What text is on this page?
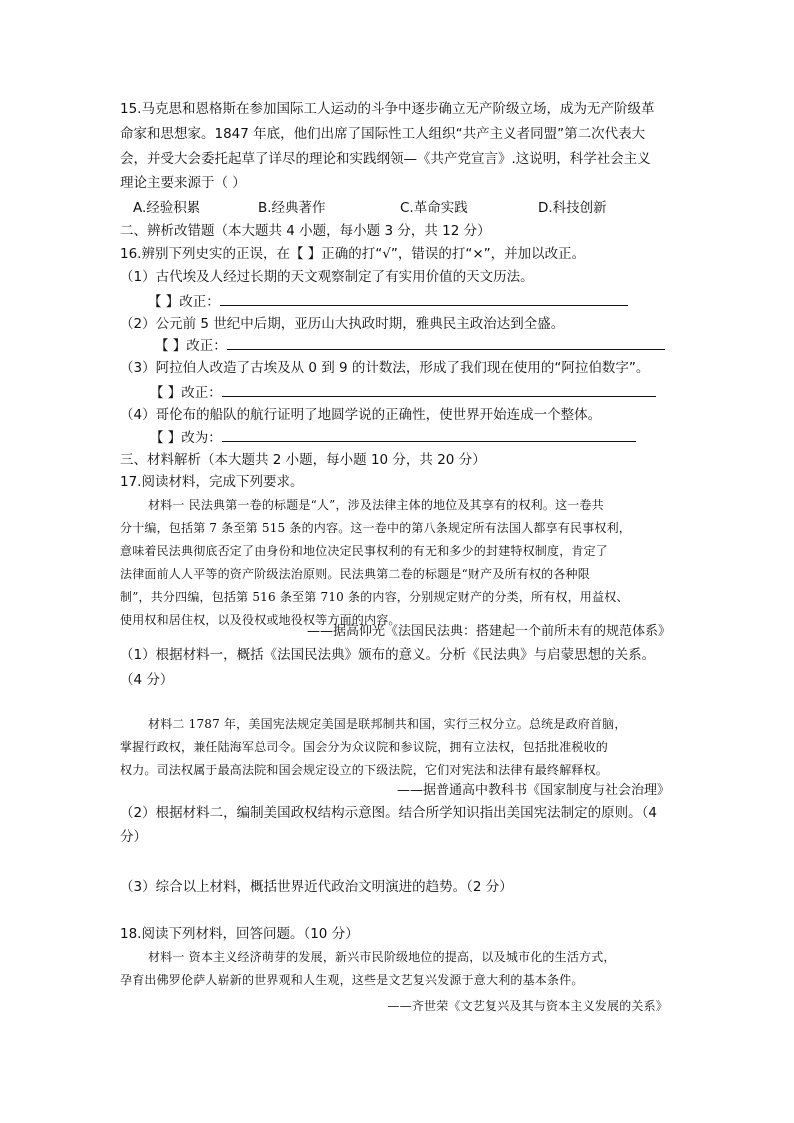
15.马克思和恩格斯在参加国际工人运动的斗争中逐步确立无产阶级立场，成为无产阶级革
命家和思想家。1847 年底，他们出席了国际性工人组织“共产主义者同盟”第二次代表大
会，并受大会委托起草了详尽的理论和实践纲领—《共产党宣言》.这说明，科学社会主义
理论主要来源于（ ）
A.经验积累	B.经典著作	C.革命实践	D.科技创新
二、辨析改错题（本大题共 4 小题，每小题 3 分，共 12 分）
16.辨别下列史实的正误，在【 】正确的打“√”，错误的打“×”，并加以改正。
（1）古代埃及人经过长期的天文观察制定了有实用价值的天文历法。
【 】改正：
（2）公元前 5 世纪中后期，亚历山大执政时期，雅典民主政治达到全盛。
【 】改正：
（3）阿拉伯人改造了古埃及从 0 到 9 的计数法，形成了我们现在使用的“阿拉伯数字”。
【 】改正：
（4）哥伦布的船队的航行证明了地圆学说的正确性，使世界开始连成一个整体。
【 】改为：
三、材料解析（本大题共 2 小题，每小题 10 分，共 20 分）
17.阅读材料，完成下列要求。
材料一 民法典第一卷的标题是“人”，涉及法律主体的地位及其享有的权利。这一卷共
分十编，包括第 7 条至第 515 条的内容。这一卷中的第八条规定所有法国人都享有民事权利，
意味着民法典彻底否定了由身份和地位决定民事权利的有无和多少的封建特权制度，肯定了
法律面前人人平等的资产阶级法治原则。民法典第二卷的标题是“财产及所有权的各种限
制”，共分四编，包括第 516 条至第 710 条的内容，分别规定财产的分类，所有权，用益权、
使用权和居住权，以及役权或地役权等方面的内容。
——据高仰光《法国民法典：搭建起一个前所未有的规范体系》
（1）根据材料一，概括《法国民法典》颁布的意义。分析《民法典》与启蒙思想的关系。
（4 分）
材料二 1787 年，美国宪法规定美国是联邦制共和国，实行三权分立。总统是政府首脑，
掌握行政权，兼任陆海军总司令。国会分为众议院和参议院，拥有立法权，包括批准税收的
权力。司法权属于最高法院和国会规定设立的下级法院，它们对宪法和法律有最终解释权。
——据普通高中教科书《国家制度与社会治理》
（2）根据材料二，编制美国政权结构示意图。结合所学知识指出美国宪法制定的原则。（4
分）
（3）综合以上材料，概括世界近代政治文明演进的趋势。（2 分）
18.阅读下列材料，回答问题。（10 分）
材料一 资本主义经济萌芽的发展，新兴市民阶级地位的提高，以及城市化的生活方式，
孕育出佛罗伦萨人崭新的世界观和人生观，这些是文艺复兴发源于意大利的基本条件。
——齐世荣《文艺复兴及其与资本主义发展的关系》
